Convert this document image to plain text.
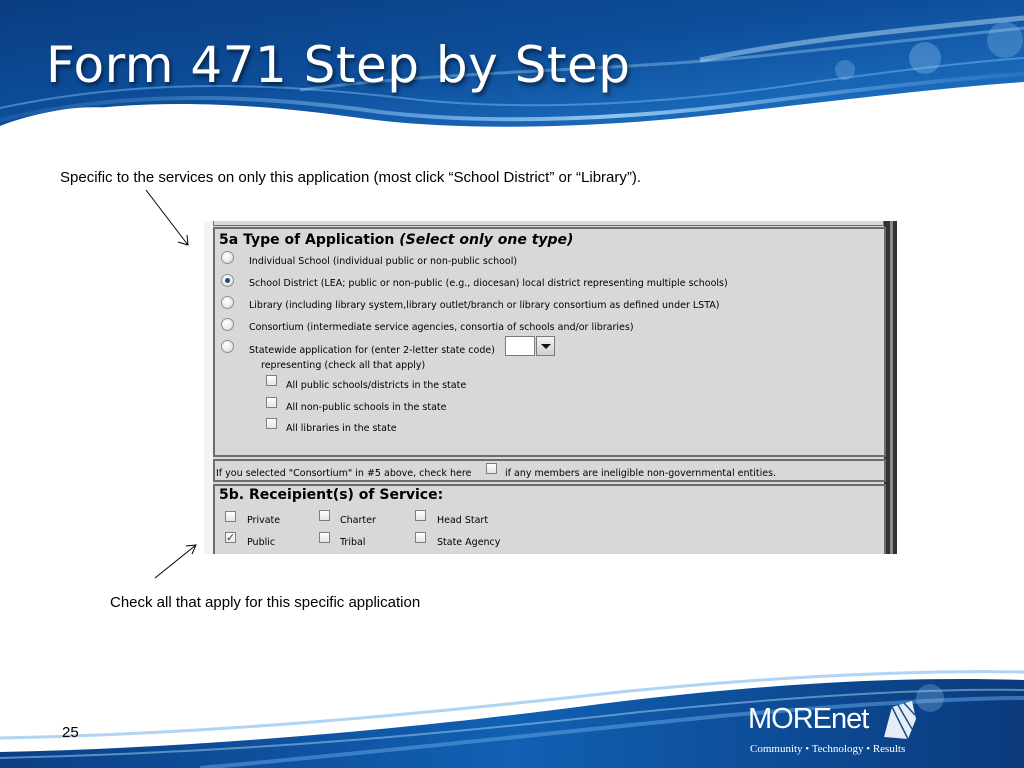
Form 471 Step by Step
Specific to the services on only this application (most click “School District” or “Library”).
Check all that apply for this specific application
5a Type of Application (Select only one type)
Individual School (individual public or non-public school)
School District (LEA; public or non-public (e.g., diocesan) local district representing multiple schools)
Library (including library system,library outlet/branch or library consortium as defined under LSTA)
Consortium (intermediate service agencies, consortia of schools and/or libraries)
Statewide application for (enter 2-letter state code)
representing (check all that apply)
All public schools/districts in the state
All non-public schools in the state
All libraries in the state
If you selected "Consortium" in #5 above, check here	if any members are ineligible non-governmental entities.
5b. Receipient(s) of Service:
Private	Charter	Head Start
✓ Public	Tribal	State Agency
25	MOREnet
Community • Technology • Results
